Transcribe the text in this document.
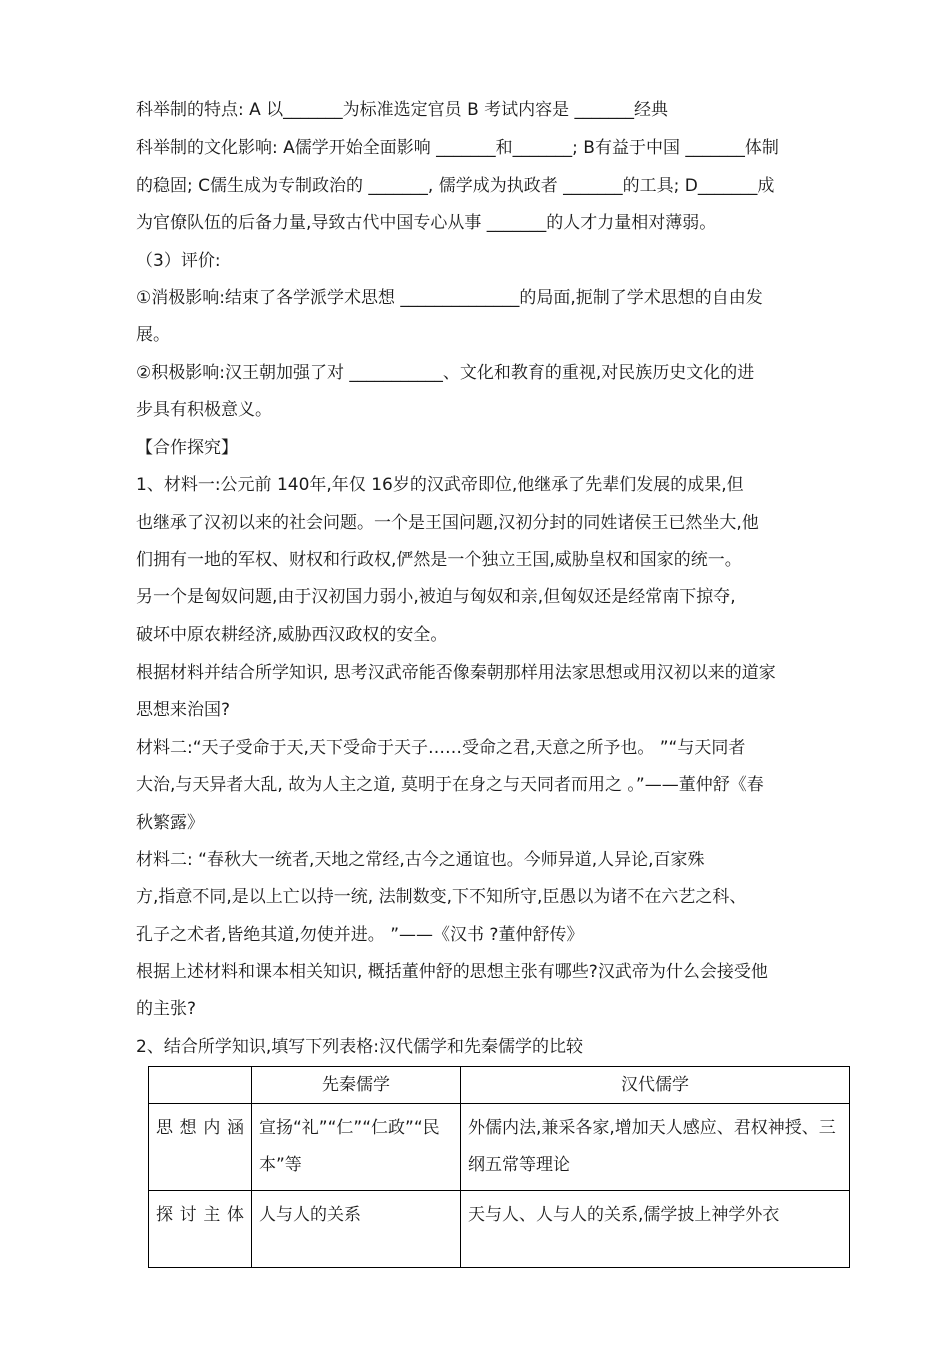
科举制的特点: A 以_______为标准选定官员 B 考试内容是 _______经典
科举制的文化影响: A儒学开始全面影响 _______和_______; B有益于中国 _______体制
的稳固; C儒生成为专制政治的 _______, 儒学成为执政者 _______的工具; D_______成
为官僚队伍的后备力量,导致古代中国专心从事 _______的人才力量相对薄弱。
（3）评价:
①消极影响:结束了各学派学术思想 ______________的局面,扼制了学术思想的自由发
展。
②积极影响:汉王朝加强了对 ___________、文化和教育的重视,对民族历史文化的进
步具有积极意义。
【合作探究】
1、材料一:公元前 140年,年仅 16岁的汉武帝即位,他继承了先辈们发展的成果,但
也继承了汉初以来的社会问题。一个是王国问题,汉初分封的同姓诸侯王已然坐大,他
们拥有一地的军权、财权和行政权,俨然是一个独立王国,威胁皇权和国家的统一。
另一个是匈奴问题,由于汉初国力弱小,被迫与匈奴和亲,但匈奴还是经常南下掠夺,
破坏中原农耕经济,威胁西汉政权的安全。
根据材料并结合所学知识, 思考汉武帝能否像秦朝那样用法家思想或用汉初以来的道家
思想来治国?
材料二:“天子受命于天,天下受命于天子……受命之君,天意之所予也。 ”“与天同者
大治,与天异者大乱, 故为人主之道, 莫明于在身之与天同者而用之 。”——董仲舒《春
秋繁露》
材料二: “春秋大一统者,天地之常经,古今之通谊也。今师异道,人异论,百家殊
方,指意不同,是以上亡以持一统, 法制数变,下不知所守,臣愚以为诸不在六艺之科、
孔子之术者,皆绝其道,勿使并进。 ”——《汉书 ?董仲舒传》
根据上述材料和课本相关知识, 概括董仲舒的思想主张有哪些?汉武帝为什么会接受他
的主张?
2、结合所学知识,填写下列表格:汉代儒学和先秦儒学的比较
	先秦儒学	汉代儒学
思想内涵	宣扬“礼”“仁”“仁政”“民本”等	外儒内法,兼采各家,增加天人感应、君权神授、三纲五常等理论
探讨主体	人与人的关系	天与人、人与人的关系,儒学披上神学外衣
